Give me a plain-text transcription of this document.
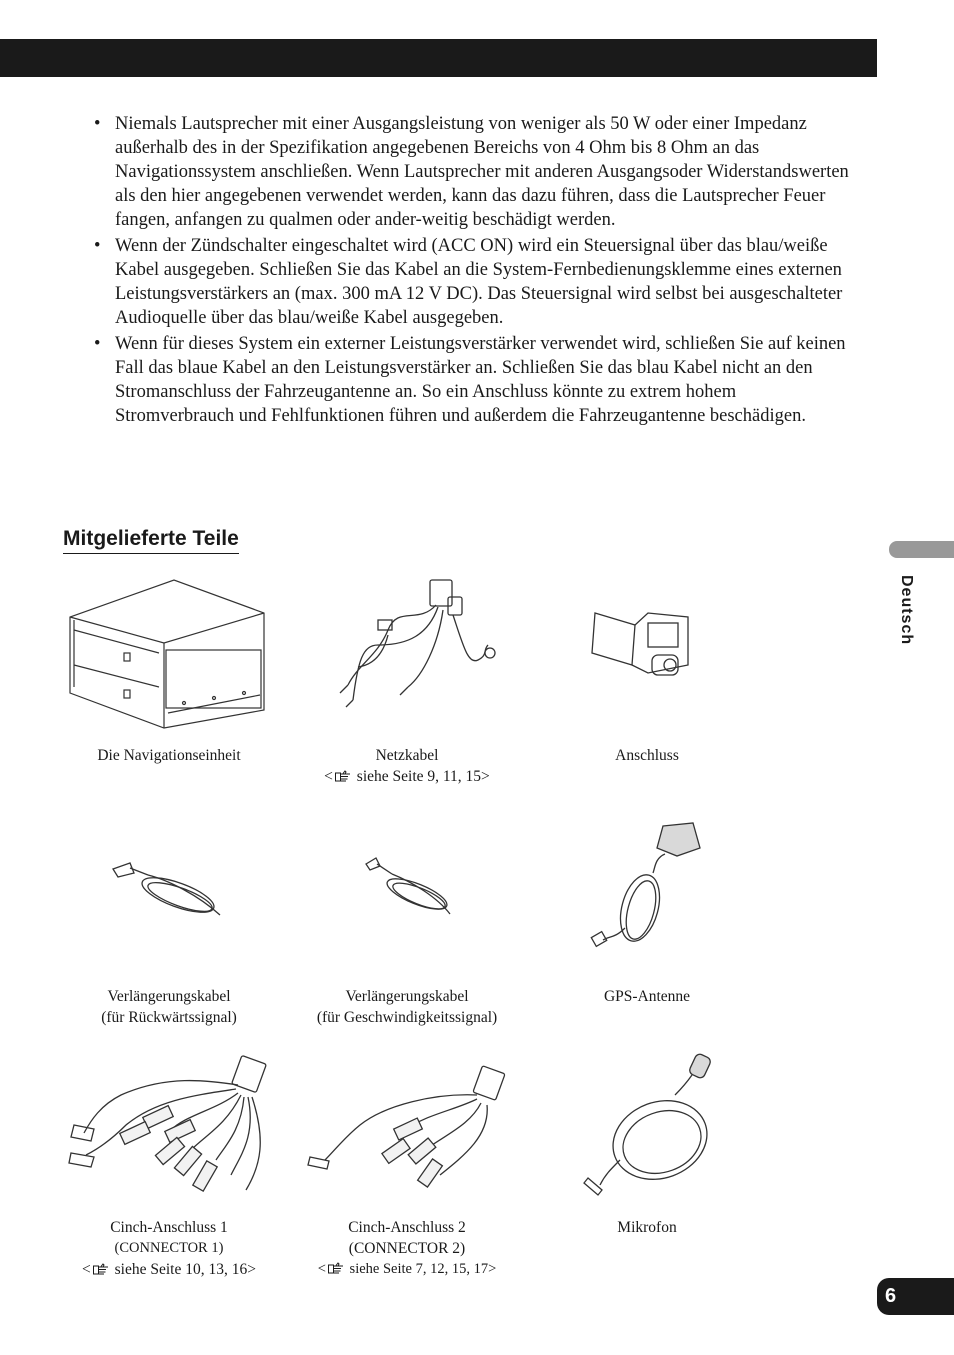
• Niemals Lautsprecher mit einer Ausgangsleistung von weniger als 50 W oder einer Impedanz außerhalb des in der Spezifikation angegebenen Bereichs von 4 Ohm bis 8 Ohm an das Navigationssystem anschließen. Wenn Lautsprecher mit anderen Ausgangsoder Widerstandswerten als den hier angegebenen verwendet werden, kann das dazu führen, dass die Lautsprecher Feuer fangen, anfangen zu qualmen oder ander-weitig beschädigt werden.
• Wenn der Zündschalter eingeschaltet wird (ACC ON) wird ein Steuersignal über das blau/weiße Kabel ausgegeben. Schließen Sie das Kabel an die System-Fernbedienungsklemme eines externen Leistungsverstärkers an (max. 300 mA 12 V DC). Das Steuersignal wird selbst bei ausgeschalteter Audioquelle über das blau/weiße Kabel ausgegeben.
• Wenn für dieses System ein externer Leistungsverstärker verwendet wird, schließen Sie auf keinen Fall das blaue Kabel an den Leistungsverstärker an. Schließen Sie das blau Kabel nicht an den Stromanschluss der Fahrzeugantenne an. So ein Anschluss könnte zu extrem hohem Stromverbrauch und Fehlfunktionen führen und außerdem die Fahrzeugantenne beschädigen.
Mitgelieferte Teile
Deutsch
Die Navigationseinheit	Netzkabel
< siehe Seite 9, 11, 15>
Anschluss
Verlängerungskabel
(für Rückwärtssignal)
Verlängerungskabel
(für Geschwindigkeitssignal)
GPS-Antenne
Cinch-Anschluss 1
(CONNECTOR 1)
< siehe Seite 10, 13, 16>
Cinch-Anschluss 2
(CONNECTOR 2)
< siehe Seite 7, 12, 15, 17>
Mikrofon
6
